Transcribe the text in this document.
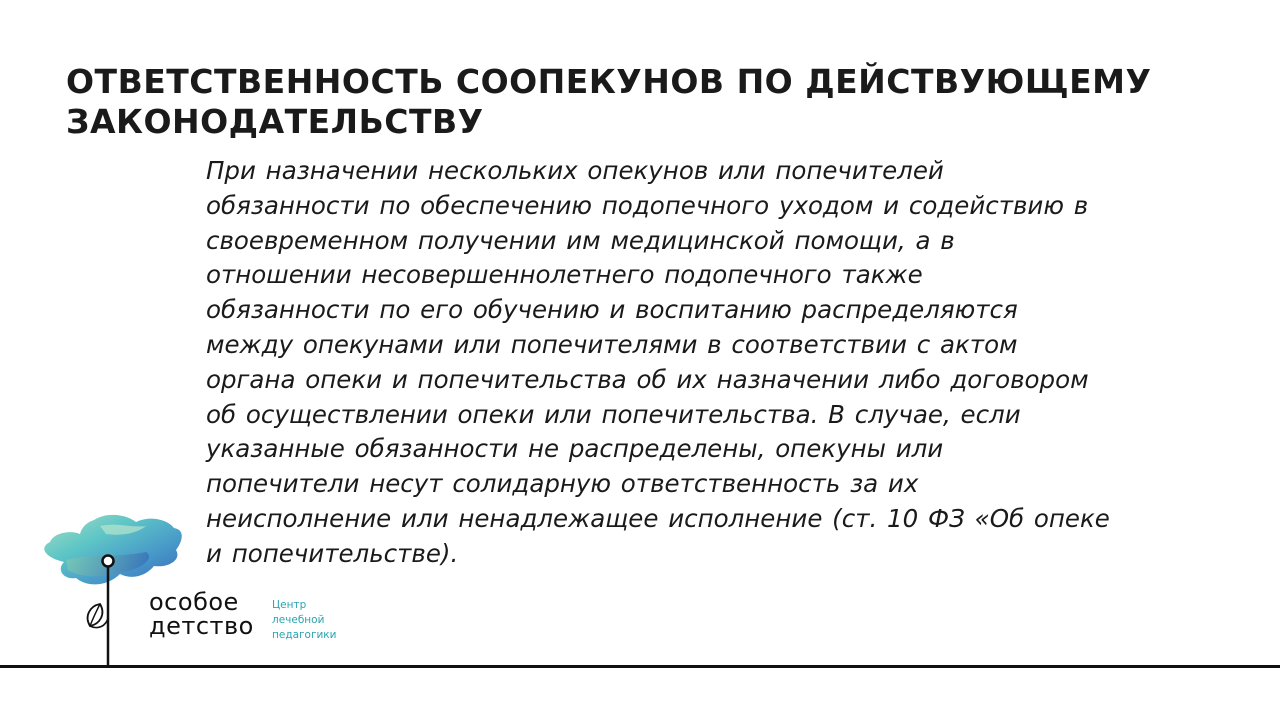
ОТВЕТСТВЕННОСТЬ СООПЕКУНОВ ПО ДЕЙСТВУЮЩЕМУ ЗАКОНОДАТЕЛЬСТВУ
При назначении нескольких опекунов или попечителей
обязанности по обеспечению подопечного уходом и содействию в
своевременном получении им медицинской помощи, а в
отношении несовершеннолетнего подопечного также
обязанности по его обучению и воспитанию распределяются
между опекунами или попечителями в соответствии с актом
органа опеки и попечительства об их назначении либо договором
об осуществлении опеки или попечительства. В случае, если
указанные обязанности не распределены, опекуны или
попечители несут солидарную ответственность за их
неисполнение или ненадлежащее исполнение (ст. 10 ФЗ «Об опеке
и попечительстве).
особое
детство
Центр
лечебной
педагогики
